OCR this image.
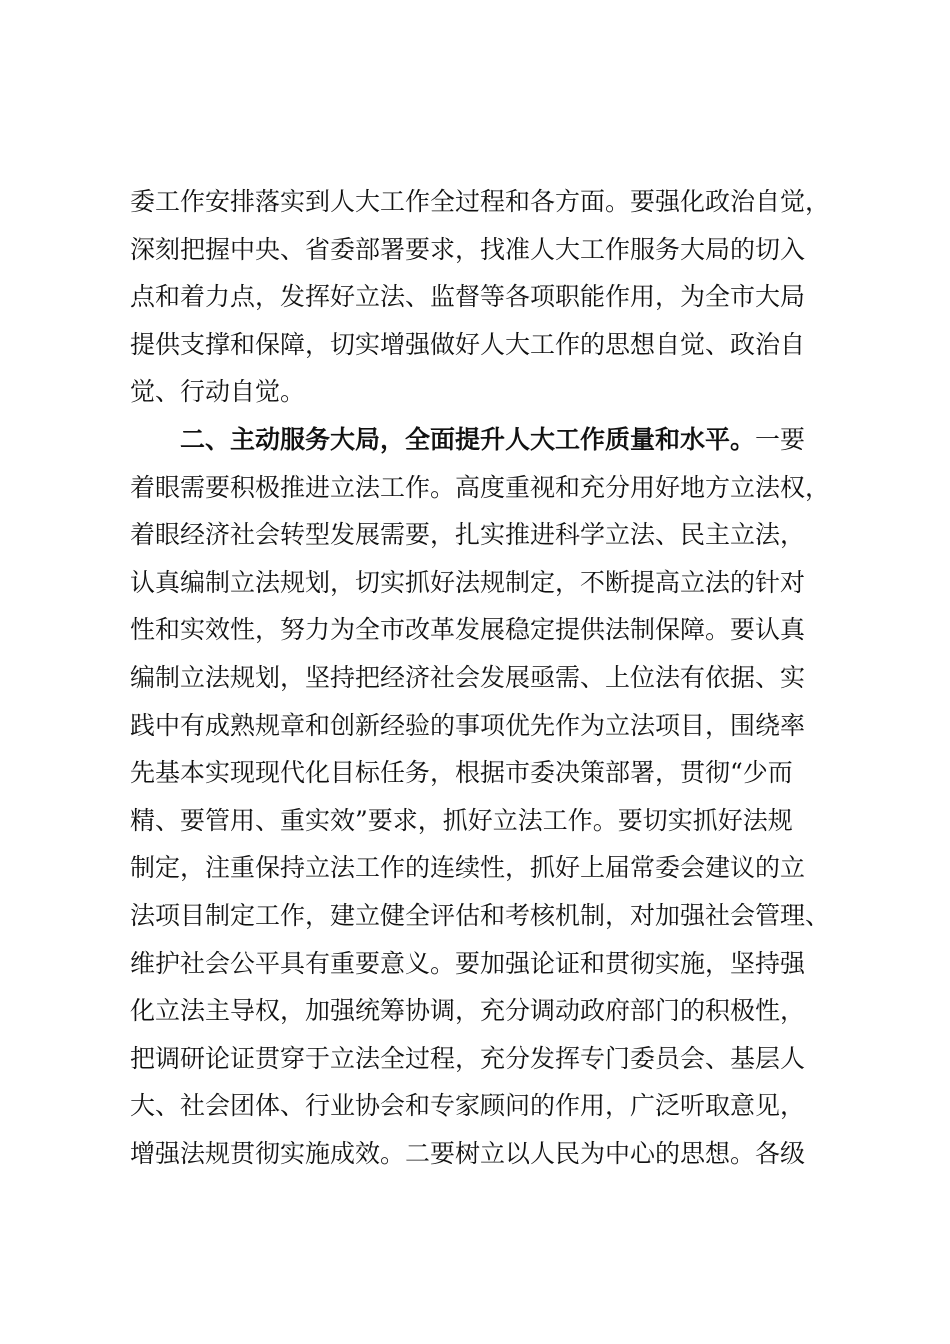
委工作安排落实到人大工作全过程和各方面。要强化政治自觉，
深刻把握中央、省委部署要求，找准人大工作服务大局的切入
点和着力点，发挥好立法、监督等各项职能作用，为全市大局
提供支撑和保障，切实增强做好人大工作的思想自觉、政治自
觉、行动自觉。
二、主动服务大局，全面提升人大工作质量和水平。一要
着眼需要积极推进立法工作。高度重视和充分用好地方立法权，
着眼经济社会转型发展需要，扎实推进科学立法、民主立法，
认真编制立法规划，切实抓好法规制定，不断提高立法的针对
性和实效性，努力为全市改革发展稳定提供法制保障。要认真
编制立法规划，坚持把经济社会发展亟需、上位法有依据、实
践中有成熟规章和创新经验的事项优先作为立法项目，围绕率
先基本实现现代化目标任务，根据市委决策部署，贯彻“少而
精、要管用、重实效”要求，抓好立法工作。要切实抓好法规
制定，注重保持立法工作的连续性，抓好上届常委会建议的立
法项目制定工作，建立健全评估和考核机制，对加强社会管理、
维护社会公平具有重要意义。要加强论证和贯彻实施，坚持强
化立法主导权，加强统筹协调，充分调动政府部门的积极性，
把调研论证贯穿于立法全过程，充分发挥专门委员会、基层人
大、社会团体、行业协会和专家顾问的作用，广泛听取意见，
增强法规贯彻实施成效。二要树立以人民为中心的思想。各级
